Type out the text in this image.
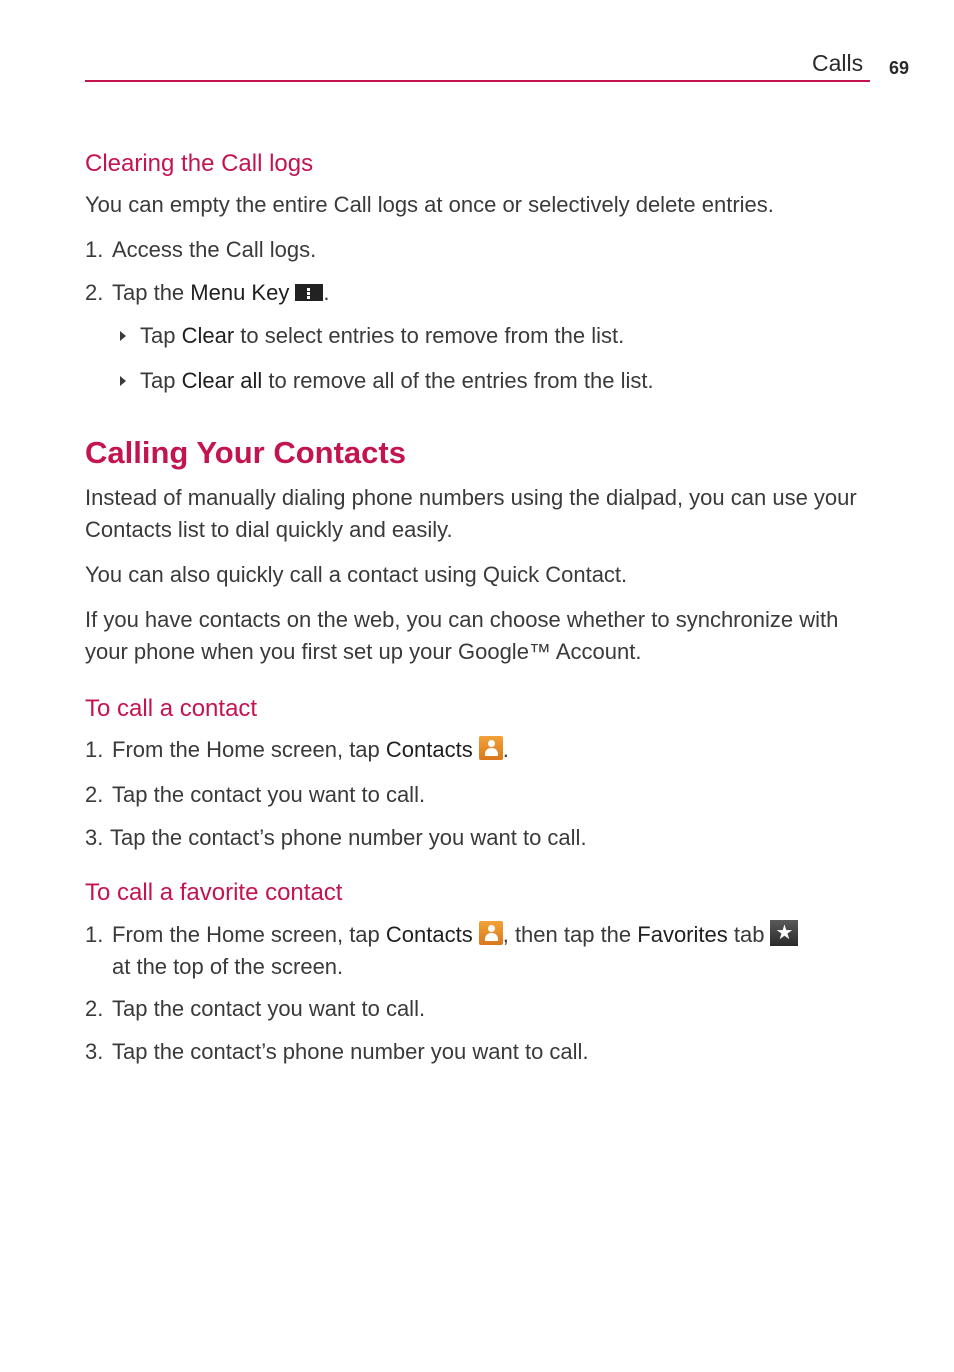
Calls 69
Clearing the Call logs
You can empty the entire Call logs at once or selectively delete entries.
1. Access the Call logs.
2. Tap the Menu Key .
Tap Clear to select entries to remove from the list.
Tap Clear all to remove all of the entries from the list.
Calling Your Contacts
Instead of manually dialing phone numbers using the dialpad, you can use your Contacts list to dial quickly and easily.
You can also quickly call a contact using Quick Contact.
If you have contacts on the web, you can choose whether to synchronize with your phone when you first set up your Google™ Account.
To call a contact
1. From the Home screen, tap Contacts .
2. Tap the contact you want to call.
3. Tap the contact’s phone number you want to call.
To call a favorite contact
1. From the Home screen, tap Contacts , then tap the Favorites tab ★
at the top of the screen.
2. Tap the contact you want to call.
3. Tap the contact’s phone number you want to call.
